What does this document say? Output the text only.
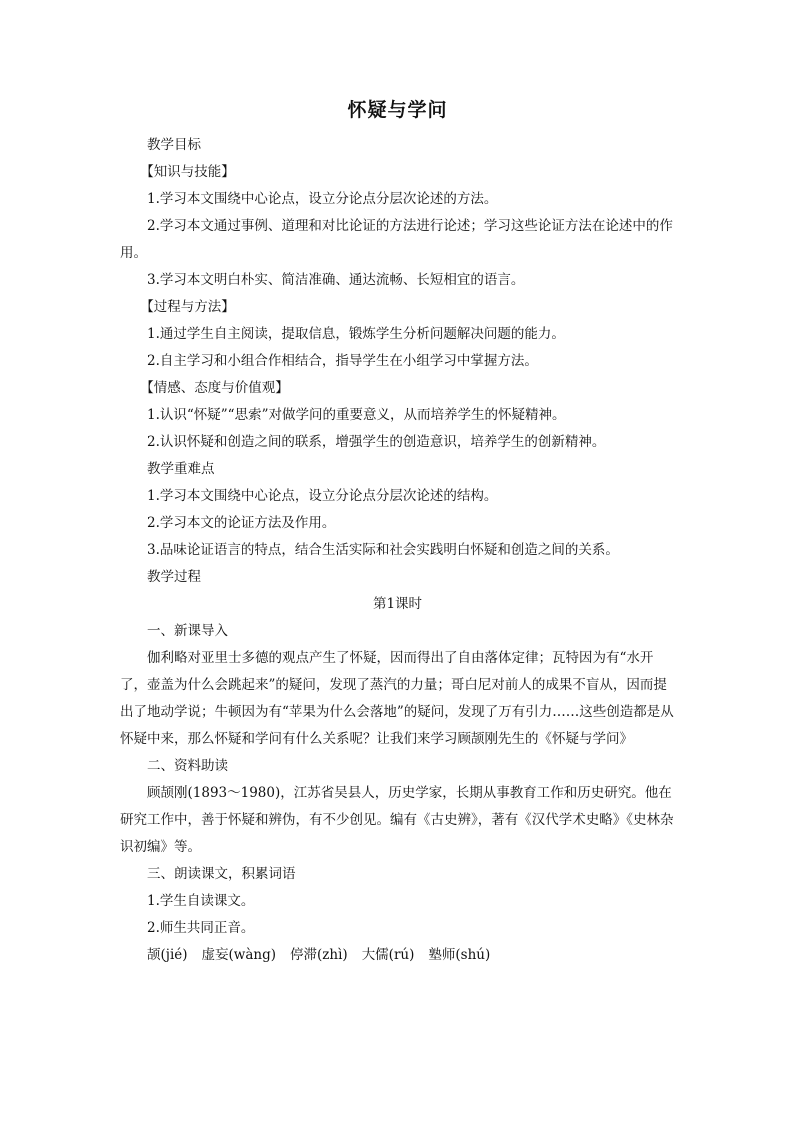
怀疑与学问

教学目标

【知识与技能】

1.学习本文围绕中心论点，设立分论点分层次论述的方法。

2.学习本文通过事例、道理和对比论证的方法进行论述；学习这些论证方法在论述中的作用。

3.学习本文明白朴实、简洁准确、通达流畅、长短相宜的语言。

【过程与方法】

1.通过学生自主阅读，提取信息，锻炼学生分析问题解决问题的能力。

2.自主学习和小组合作相结合，指导学生在小组学习中掌握方法。

【情感、态度与价值观】

1.认识“怀疑”“思索”对做学问的重要意义，从而培养学生的怀疑精神。

2.认识怀疑和创造之间的联系，增强学生的创造意识，培养学生的创新精神。

教学重难点

1.学习本文围绕中心论点，设立分论点分层次论述的结构。

2.学习本文的论证方法及作用。

3.品味论证语言的特点，结合生活实际和社会实践明白怀疑和创造之间的关系。

教学过程

第1课时

一、新课导入

伽利略对亚里士多德的观点产生了怀疑，因而得出了自由落体定律；瓦特因为有“水开了，壶盖为什么会跳起来”的疑问，发现了蒸汽的力量；哥白尼对前人的成果不盲从，因而提出了地动学说；牛顿因为有“苹果为什么会落地”的疑问，发现了万有引力……这些创造都是从怀疑中来，那么怀疑和学问有什么关系呢？让我们来学习顾颉刚先生的《怀疑与学问》

二、资料助读

顾颉刚(1893～1980)，江苏省吴县人，历史学家，长期从事教育工作和历史研究。他在研究工作中，善于怀疑和辨伪，有不少创见。编有《古史辨》，著有《汉代学术史略》《史林杂识初编》等。

三、朗读课文，积累词语

1.学生自读课文。

2.师生共同正音。

颉(jié) 虚妄(wàng) 停滞(zhì) 大儒(rú) 塾师(shú)
